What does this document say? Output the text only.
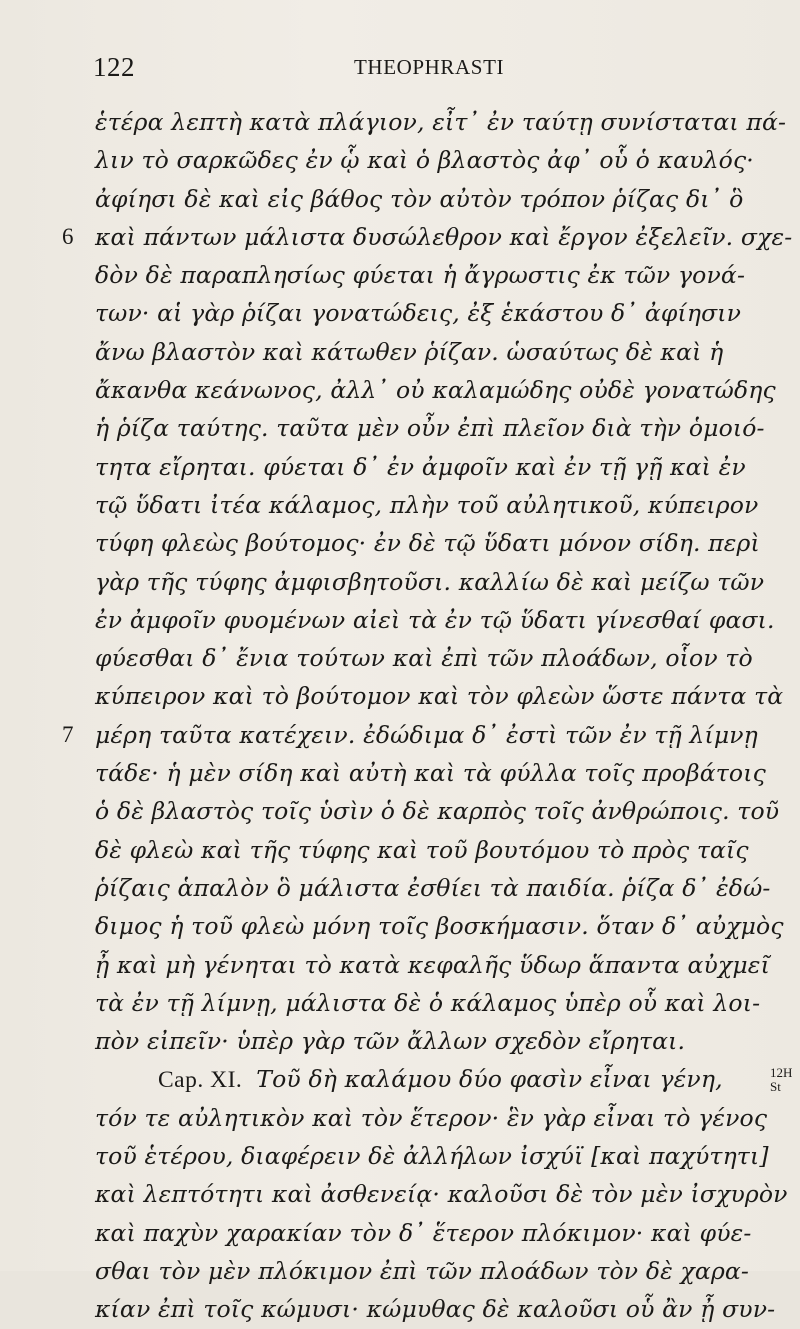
122	THEOPHRASTI
ἑτέρα λεπτὴ κατὰ πλάγιον, εἶτ᾿ ἐν ταύτῃ συνίσταται πά-
λιν τὸ σαρκῶδες ἐν ᾧ καὶ ὁ βλαστὸς ἀφ᾿ οὗ ὁ καυλός·
ἀφίησι δὲ καὶ εἰς βάθος τὸν αὐτὸν τρόπον ῥίζας δι᾿ ὃ
6 καὶ πάντων μάλιστα δυσώλεθρον καὶ ἔργον ἐξελεῖν. σχε-
δὸν δὲ παραπλησίως φύεται ἡ ἄγρωστις ἐκ τῶν γονά-
των· αἱ γὰρ ῥίζαι γονατώδεις, ἐξ ἑκάστου δ᾿ ἀφίησιν
ἄνω βλαστὸν καὶ κάτωθεν ῥίζαν. ὡσαύτως δὲ καὶ ἡ
ἄκανθα κεάνωνος, ἀλλ᾿ οὐ καλαμώδης οὐδὲ γονατώδης
ἡ ῥίζα ταύτης. ταῦτα μὲν οὖν ἐπὶ πλεῖον διὰ τὴν ὁμοιό-
τητα εἴρηται. φύεται δ᾿ ἐν ἀμφοῖν καὶ ἐν τῇ γῇ καὶ ἐν
τῷ ὕδατι ἰτέα κάλαμος, πλὴν τοῦ αὐλητικοῦ, κύπειρον
τύφη φλεὼς βούτομος· ἐν δὲ τῷ ὕδατι μόνον σίδη. περὶ
γὰρ τῆς τύφης ἀμφισβητοῦσι. καλλίω δὲ καὶ μείζω τῶν
ἐν ἀμφοῖν φυομένων αἰεὶ τὰ ἐν τῷ ὕδατι γίνεσθαί φασι.
φύεσθαι δ᾿ ἔνια τούτων καὶ ἐπὶ τῶν πλοάδων, οἷον τὸ
κύπειρον καὶ τὸ βούτομον καὶ τὸν φλεὼν ὥστε πάντα τὰ
7 μέρη ταῦτα κατέχειν. ἐδώδιμα δ᾿ ἐστὶ τῶν ἐν τῇ λίμνῃ
τάδε· ἡ μὲν σίδη καὶ αὐτὴ καὶ τὰ φύλλα τοῖς προβάτοις
ὁ δὲ βλαστὸς τοῖς ὑσὶν ὁ δὲ καρπὸς τοῖς ἀνθρώποις. τοῦ
δὲ φλεὼ καὶ τῆς τύφης καὶ τοῦ βουτόμου τὸ πρὸς ταῖς
ῥίζαις ἁπαλὸν ὃ μάλιστα ἐσθίει τὰ παιδία. ῥίζα δ᾿ ἐδώ-
διμος ἡ τοῦ φλεὼ μόνη τοῖς βοσκήμασιν. ὅταν δ᾿ αὐχμὸς
ᾖ καὶ μὴ γένηται τὸ κατὰ κεφαλῆς ὕδωρ ἅπαντα αὐχμεῖ
τὰ ἐν τῇ λίμνῃ, μάλιστα δὲ ὁ κάλαμος ὑπὲρ οὗ καὶ λοι-
πὸν εἰπεῖν· ὑπὲρ γὰρ τῶν ἄλλων σχεδὸν εἴρηται.
Cap. XI. Τοῦ δὴ καλάμου δύο φασὶν εἶναι γένη,	12H
St
τόν τε αὐλητικὸν καὶ τὸν ἕτερον· ἓν γὰρ εἶναι τὸ γένος
τοῦ ἑτέρου, διαφέρειν δὲ ἀλλήλων ἰσχύϊ [καὶ παχύτητι]
καὶ λεπτότητι καὶ ἀσθενείᾳ· καλοῦσι δὲ τὸν μὲν ἰσχυρὸν
καὶ παχὺν χαρακίαν τὸν δ᾿ ἕτερον πλόκιμον· καὶ φύε-
σθαι τὸν μὲν πλόκιμον ἐπὶ τῶν πλοάδων τὸν δὲ χαρα-
κίαν ἐπὶ τοῖς κώμυσι· κώμυθας δὲ καλοῦσι οὗ ἂν ᾖ συν-
